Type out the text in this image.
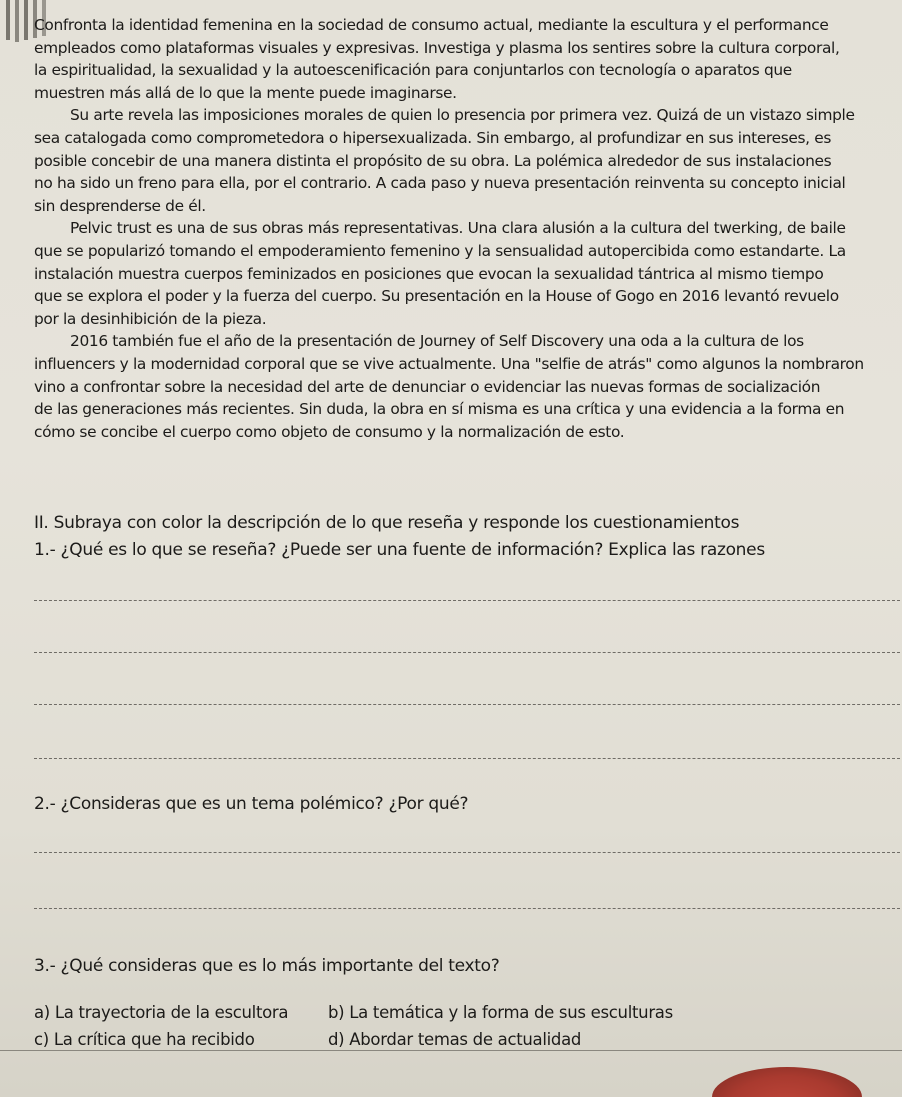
Confronta la identidad femenina en la sociedad de consumo actual, mediante la escultura y el performance
empleados como plataformas visuales y expresivas. Investiga y plasma los sentires sobre la cultura corporal,
la espiritualidad, la sexualidad y la autoescenificación para conjuntarlos con tecnología o aparatos que
muestren más allá de lo que la mente puede imaginarse.

Su arte revela las imposiciones morales de quien lo presencia por primera vez. Quizá de un vistazo simple
sea catalogada como comprometedora o hipersexualizada. Sin embargo, al profundizar en sus intereses, es
posible concebir de una manera distinta el propósito de su obra. La polémica alrededor de sus instalaciones
no ha sido un freno para ella, por el contrario. A cada paso y nueva presentación reinventa su concepto inicial
sin desprenderse de él.

Pelvic trust es una de sus obras más representativas. Una clara alusión a la cultura del twerking, de baile
que se popularizó tomando el empoderamiento femenino y la sensualidad autopercibida como estandarte. La
instalación muestra cuerpos feminizados en posiciones que evocan la sexualidad tántrica al mismo tiempo
que se explora el poder y la fuerza del cuerpo. Su presentación en la House of Gogo en 2016 levantó revuelo
por la desinhibición de la pieza.

2016 también fue el año de la presentación de Journey of Self Discovery una oda a la cultura de los
influencers y la modernidad corporal que se vive actualmente. Una "selfie de atrás" como algunos la nombraron
vino a confrontar sobre la necesidad del arte de denunciar o evidenciar las nuevas formas de socialización
de las generaciones más recientes. Sin duda, la obra en sí misma es una crítica y una evidencia a la forma en
cómo se concibe el cuerpo como objeto de consumo y la normalización de esto.

II. Subraya con color la descripción de lo que reseña y responde los cuestionamientos
1.- ¿Qué es lo que se reseña? ¿Puede ser una fuente de información? Explica las razones
2.- ¿Consideras que es un tema polémico? ¿Por qué?
3.- ¿Qué consideras que es lo más importante del texto?
a) La trayectoria de la escultora b) La temática y la forma de sus esculturas
c) La crítica que ha recibido	d) Abordar temas de actualidad
